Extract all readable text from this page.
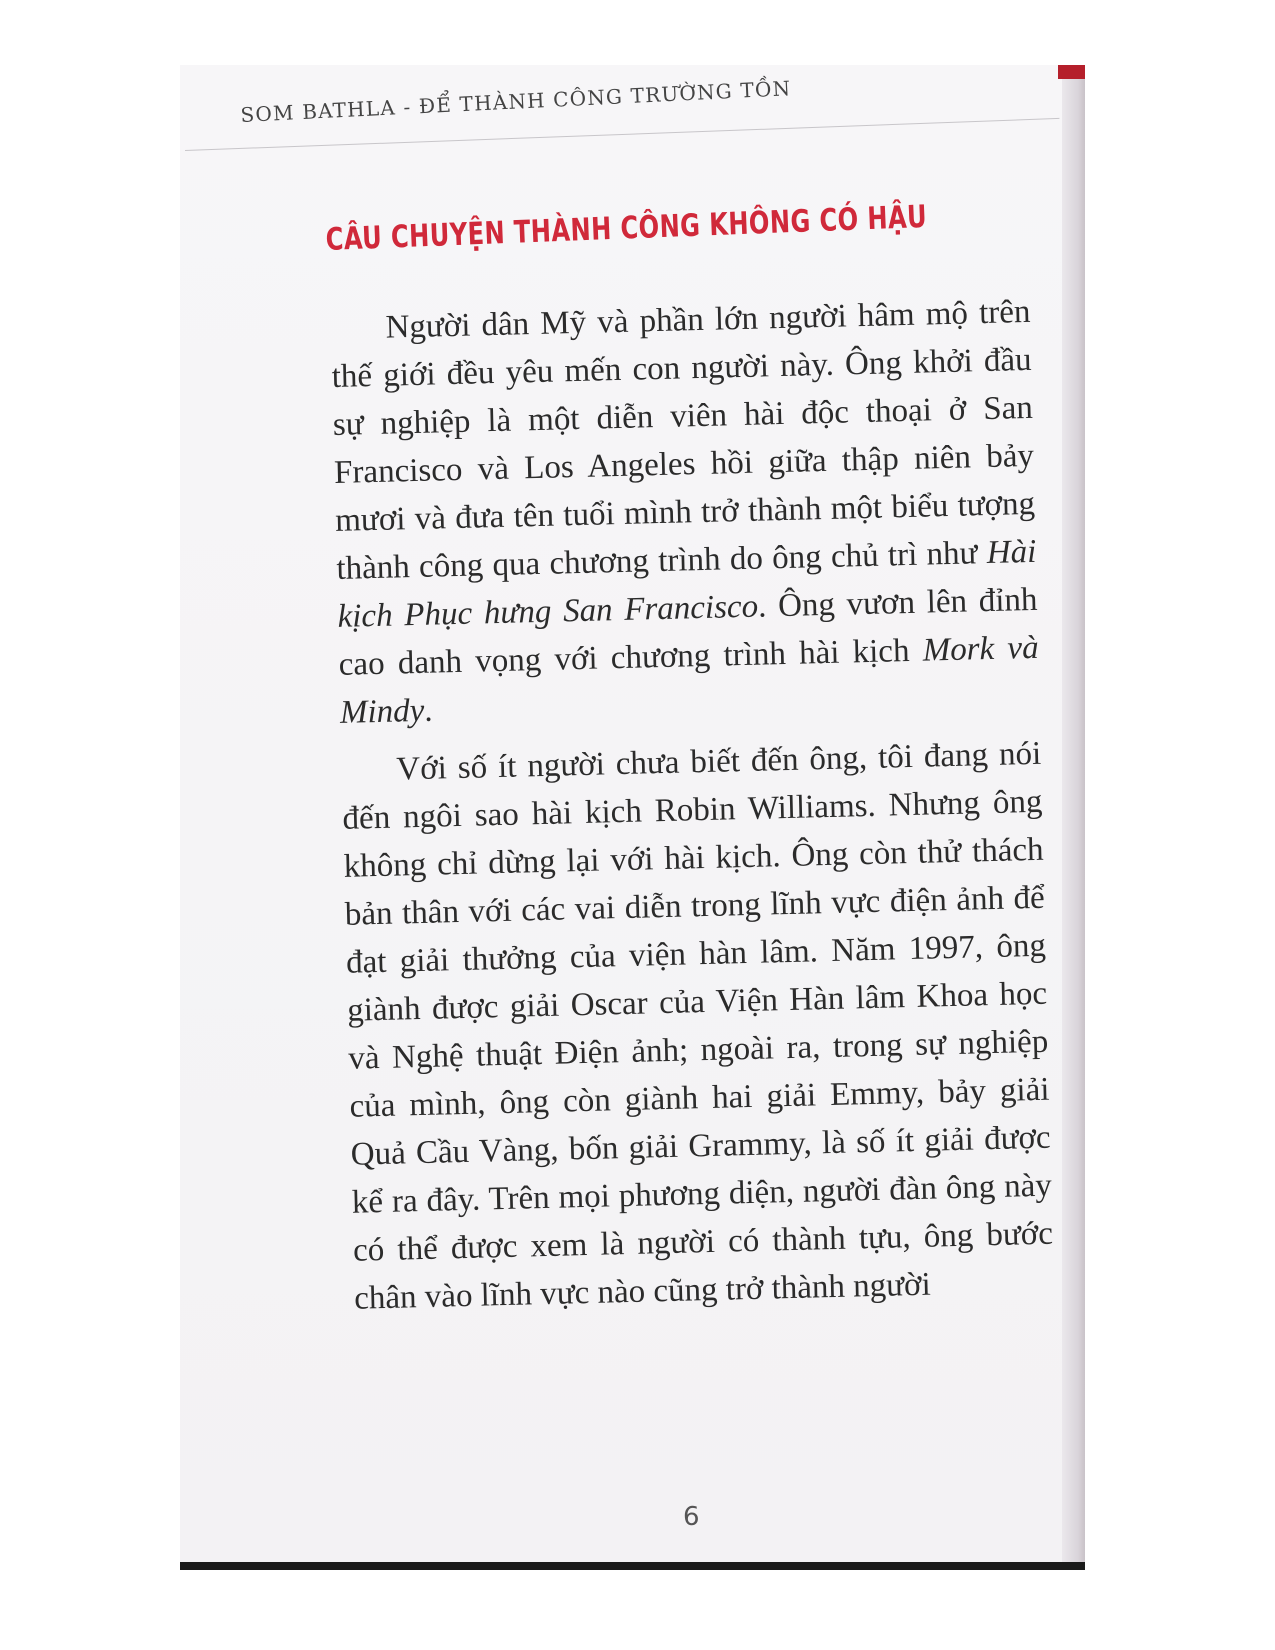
SOM BATHLA - ĐỂ THÀNH CÔNG TRƯỜNG TỒN
CÂU CHUYỆN THÀNH CÔNG KHÔNG CÓ HẬU

Người dân Mỹ và phần lớn người hâm mộ trên thế giới đều yêu mến con người này. Ông khởi đầu sự nghiệp là một diễn viên hài độc thoại ở San Francisco và Los Angeles hồi giữa thập niên bảy mươi và đưa tên tuổi mình trở thành một biểu tượng thành công qua chương trình do ông chủ trì như Hài kịch Phục hưng San Francisco. Ông vươn lên đỉnh cao danh vọng với chương trình hài kịch Mork và Mindy.

Với số ít người chưa biết đến ông, tôi đang nói đến ngôi sao hài kịch Robin Williams. Nhưng ông không chỉ dừng lại với hài kịch. Ông còn thử thách bản thân với các vai diễn trong lĩnh vực điện ảnh để đạt giải thưởng của viện hàn lâm. Năm 1997, ông giành được giải Oscar của Viện Hàn lâm Khoa học và Nghệ thuật Điện ảnh; ngoài ra, trong sự nghiệp của mình, ông còn giành hai giải Emmy, bảy giải Quả Cầu Vàng, bốn giải Grammy, là số ít giải được kể ra đây. Trên mọi phương diện, người đàn ông này có thể được xem là người có thành tựu, ông bước chân vào lĩnh vực nào cũng trở thành người

6
